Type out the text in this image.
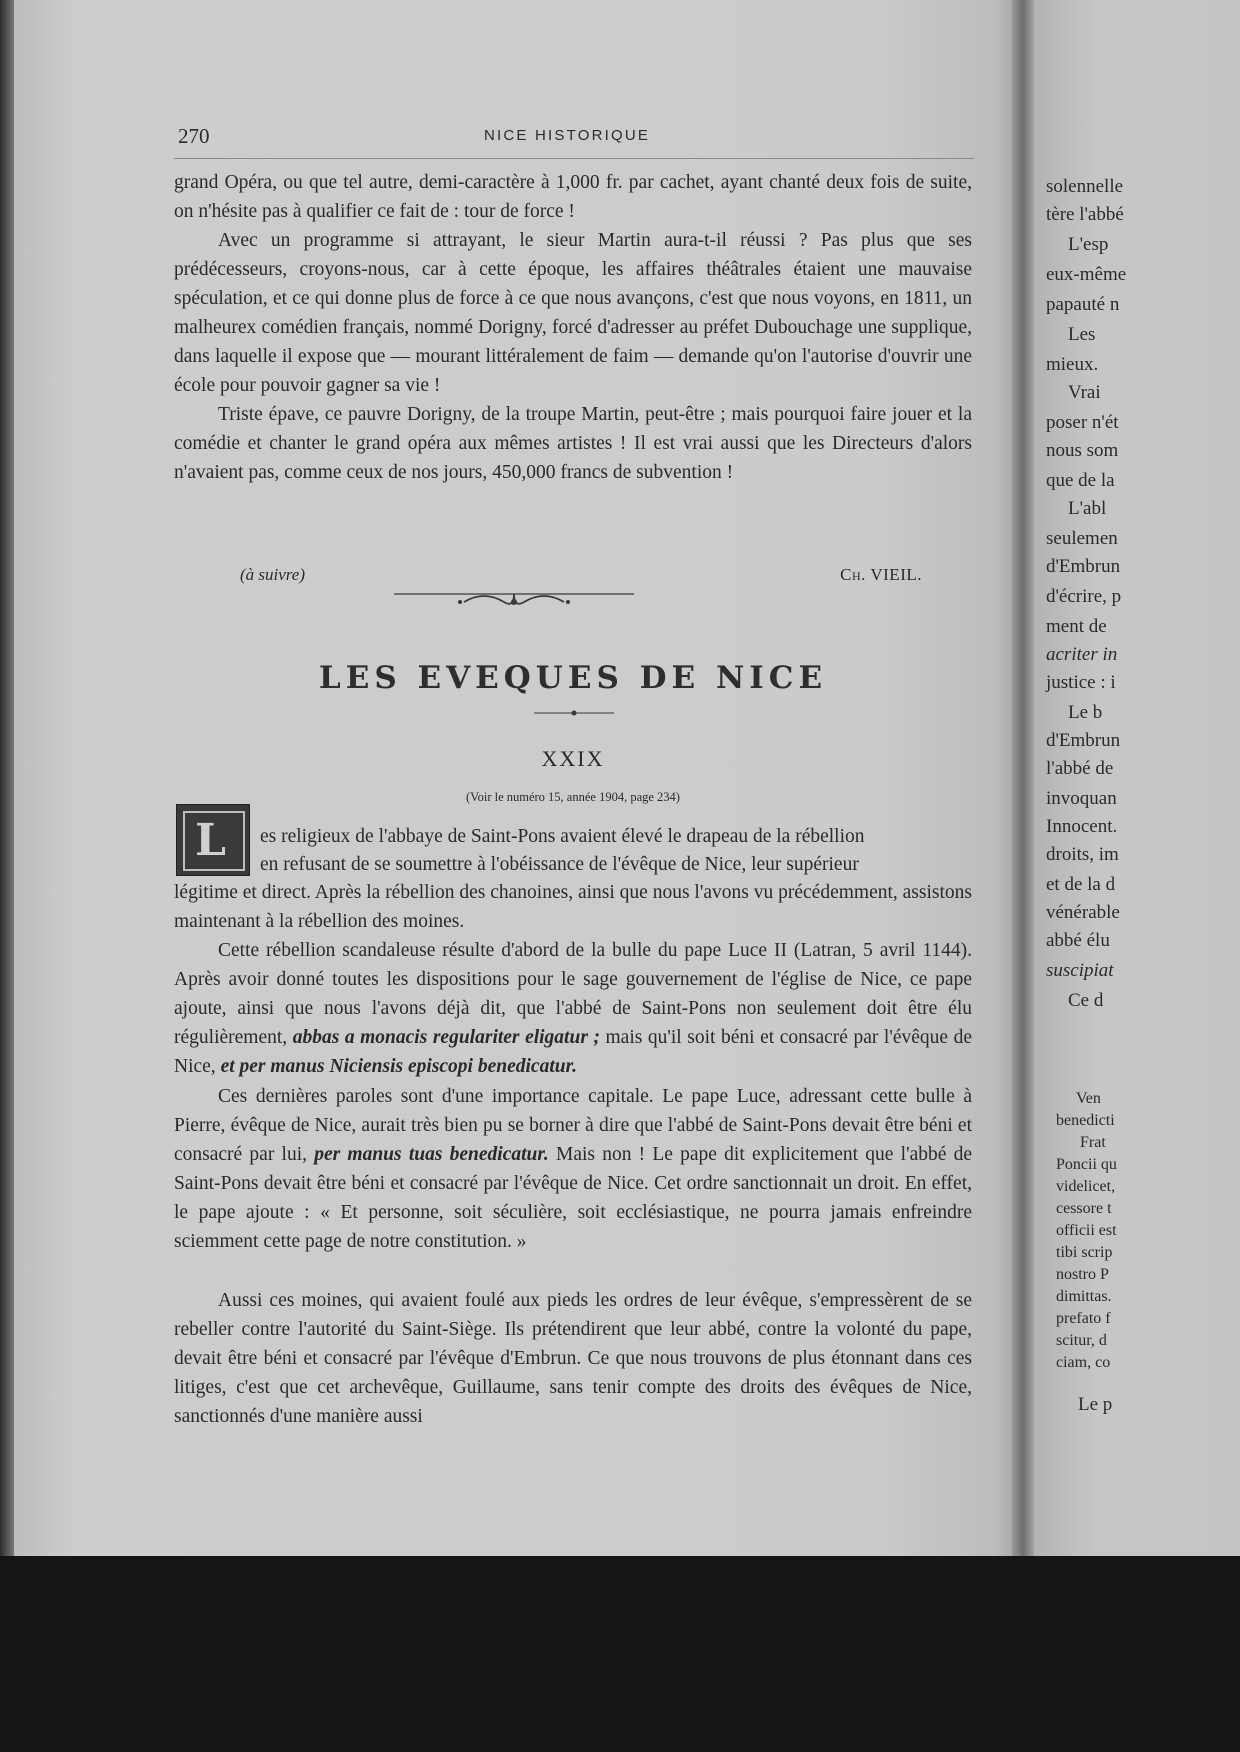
270	NICE HISTORIQUE
grand Opéra, ou que tel autre, demi-caractère à 1,000 fr. par cachet, ayant chanté deux fois de suite, on n'hésite pas à qualifier ce fait de : tour de force !
Avec un programme si attrayant, le sieur Martin aura-t-il réussi ? Pas plus que ses prédécesseurs, croyons-nous, car à cette époque, les affaires théâtrales étaient une mauvaise spéculation, et ce qui donne plus de force à ce que nous avançons, c'est que nous voyons, en 1811, un malheurex comédien français, nommé Dorigny, forcé d'adresser au préfet Dubouchage une supplique, dans laquelle il expose que — mourant littéralement de faim — demande qu'on l'autorise d'ouvrir une école pour pouvoir gagner sa vie !
Triste épave, ce pauvre Dorigny, de la troupe Martin, peut-être ; mais pourquoi faire jouer et la comédie et chanter le grand opéra aux mêmes artistes ! Il est vrai aussi que les Directeurs d'alors n'avaient pas, comme ceux de nos jours, 450,000 francs de subvention !
(à suivre)	Ch. VIEIL.
LES EVEQUES DE NICE
XXIX
(Voir le numéro 15, année 1904, page 234)
L es religieux de l'abbaye de Saint-Pons avaient élevé le drapeau de la rébellion
en refusant de se soumettre à l'obéissance de l'évêque de Nice, leur supérieur
légitime et direct. Après la rébellion des chanoines, ainsi que nous l'avons vu précédemment, assistons maintenant à la rébellion des moines.
Cette rébellion scandaleuse résulte d'abord de la bulle du pape Luce II (Latran, 5 avril 1144). Après avoir donné toutes les dispositions pour le sage gouvernement de l'église de Nice, ce pape ajoute, ainsi que nous l'avons déjà dit, que l'abbé de Saint-Pons non seulement doit être élu régulièrement, abbas a monacis regulariter eligatur ; mais qu'il soit béni et consacré par l'évêque de Nice, et per manus Niciensis episcopi benedicatur.
Ces dernières paroles sont d'une importance capitale. Le pape Luce, adressant cette bulle à Pierre, évêque de Nice, aurait très bien pu se borner à dire que l'abbé de Saint-Pons devait être béni et consacré par lui, per manus tuas benedicatur. Mais non ! Le pape dit explicitement que l'abbé de Saint-Pons devait être béni et consacré par l'évêque de Nice. Cet ordre sanctionnait un droit. En effet, le pape ajoute : « Et personne, soit séculière, soit ecclésiastique, ne pourra jamais enfreindre sciemment cette page de notre constitution. »
Aussi ces moines, qui avaient foulé aux pieds les ordres de leur évêque, s'empressèrent de se rebeller contre l'autorité du Saint-Siège. Ils prétendirent que leur abbé, contre la volonté du pape, devait être béni et consacré par l'évêque d'Embrun. Ce que nous trouvons de plus étonnant dans ces litiges, c'est que cet archevêque, Guillaume, sans tenir compte des droits des évêques de Nice, sanctionnés d'une manière aussi
solennelle
tère l'abbé
L'esp
eux-même
papauté n
Les
mieux.
Vrai
poser n'ét
nous som
que de la
L'abl
seulemen
d'Embrun
d'écrire, p
ment de
acriter in
justice : i
Le b
d'Embrun
l'abbé de
invoquan
Innocent.
droits, im
et de la d
vénérable
abbé élu
suscipiat
Ce d
Ven
benedicti
Frat
Poncii qu
videlicet,
cessore t
officii est
tibi scrip
nostro P
dimittas.
prefato f
scitur, d
ciam, co
Le p
